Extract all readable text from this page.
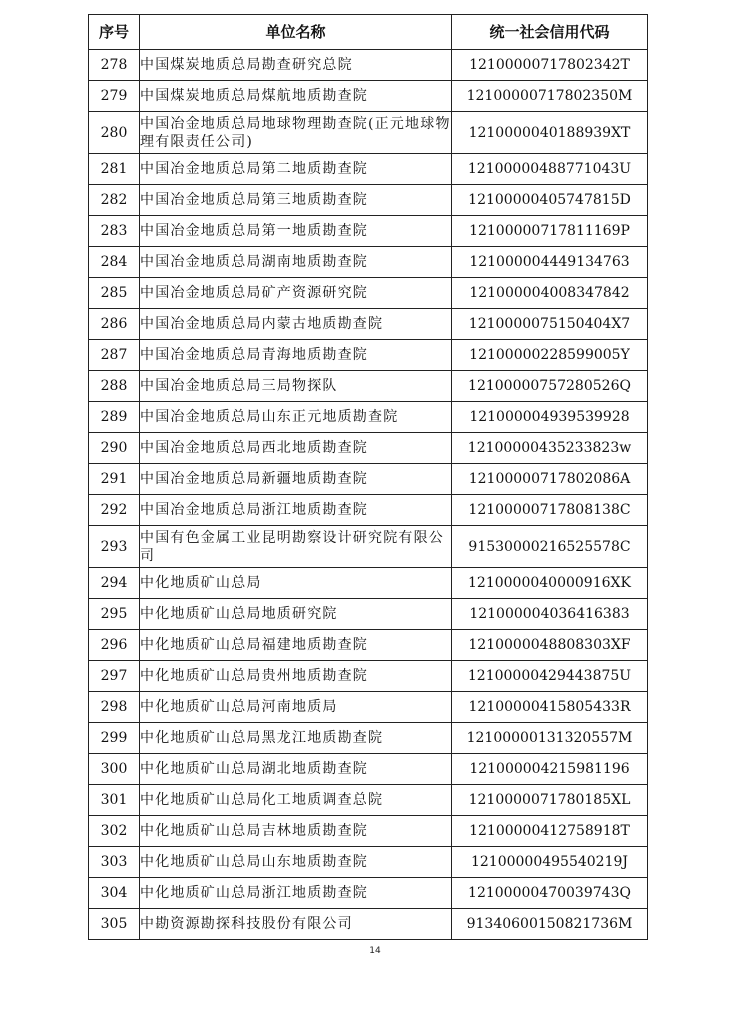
序号	单位名称	统一社会信用代码
278	中国煤炭地质总局勘查研究总院	12100000717802342T
279	中国煤炭地质总局煤航地质勘查院	12100000717802350M
280	中国冶金地质总局地球物理勘查院(正元地球物理有限责任公司)	1210000040188939XT
281	中国冶金地质总局第二地质勘查院	12100000488771043U
282	中国冶金地质总局第三地质勘查院	12100000405747815D
283	中国冶金地质总局第一地质勘查院	12100000717811169P
284	中国冶金地质总局湖南地质勘查院	121000004449134763
285	中国冶金地质总局矿产资源研究院	121000004008347842
286	中国冶金地质总局内蒙古地质勘查院	1210000075150404X7
287	中国冶金地质总局青海地质勘查院	12100000228599005Y
288	中国冶金地质总局三局物探队	12100000757280526Q
289	中国冶金地质总局山东正元地质勘查院	121000004939539928
290	中国冶金地质总局西北地质勘查院	12100000435233823w
291	中国冶金地质总局新疆地质勘查院	12100000717802086A
292	中国冶金地质总局浙江地质勘查院	12100000717808138C
293	中国有色金属工业昆明勘察设计研究院有限公司	91530000216525578C
294	中化地质矿山总局	1210000040000916XK
295	中化地质矿山总局地质研究院	121000004036416383
296	中化地质矿山总局福建地质勘查院	1210000048808303XF
297	中化地质矿山总局贵州地质勘查院	12100000429443875U
298	中化地质矿山总局河南地质局	12100000415805433R
299	中化地质矿山总局黑龙江地质勘查院	12100000131320557M
300	中化地质矿山总局湖北地质勘查院	121000004215981196
301	中化地质矿山总局化工地质调查总院	1210000071780185XL
302	中化地质矿山总局吉林地质勘查院	12100000412758918T
303	中化地质矿山总局山东地质勘查院	12100000495540219J
304	中化地质矿山总局浙江地质勘查院	12100000470039743Q
305	中勘资源勘探科技股份有限公司	91340600150821736M
14
